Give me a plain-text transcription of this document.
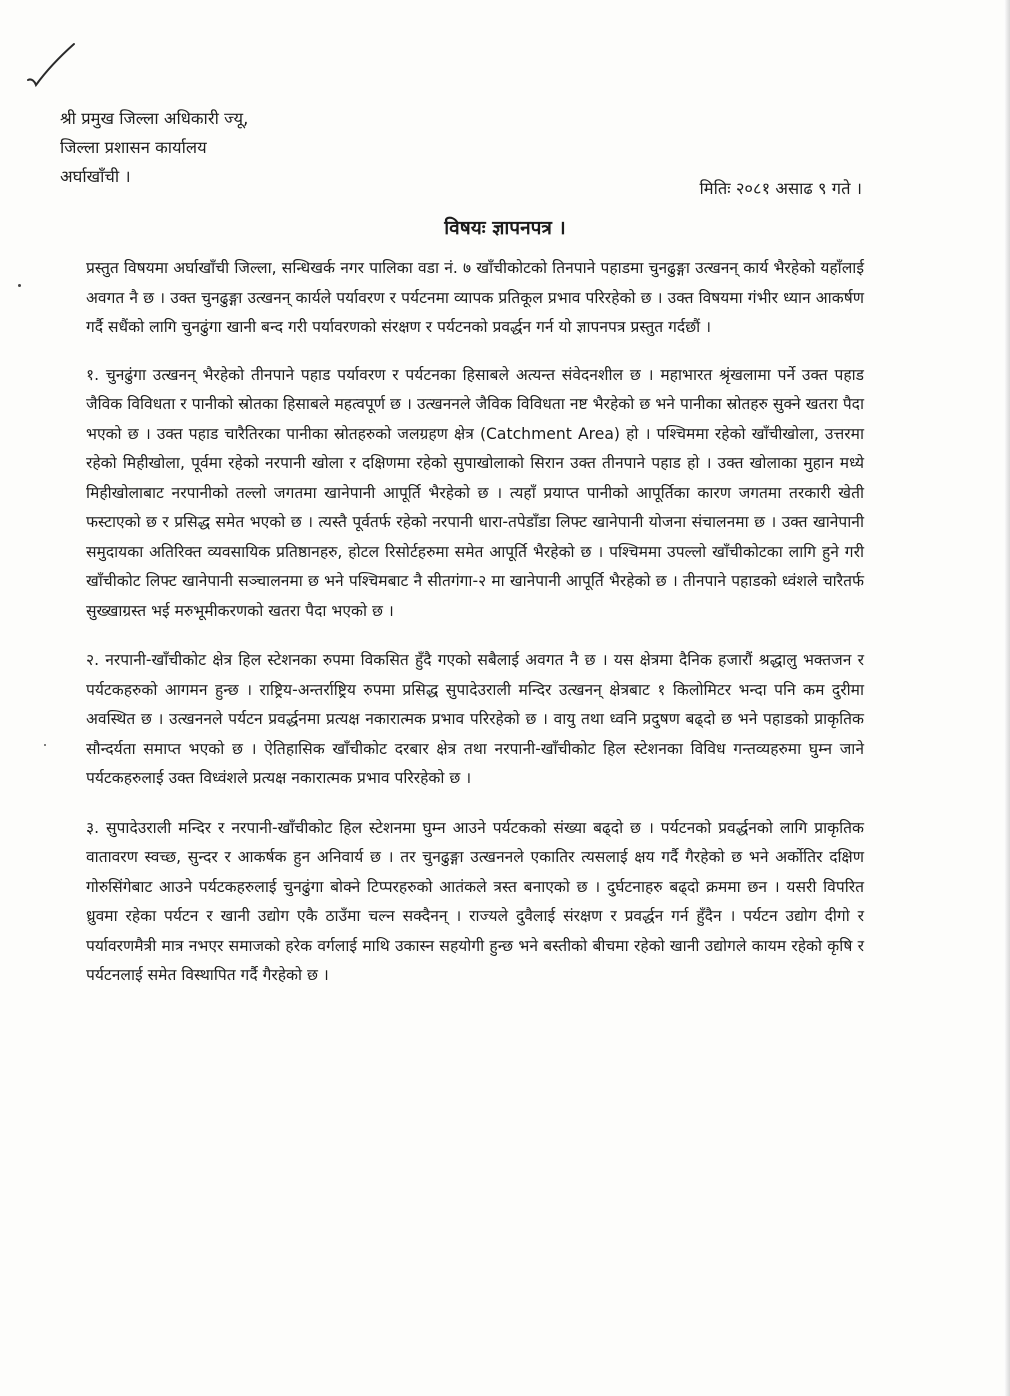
श्री प्रमुख जिल्ला अधिकारी ज्यू,
जिल्ला प्रशासन कार्यालय
अर्घाखाँची ।
मितिः २०८१ असाढ ९ गते ।
विषयः ज्ञापनपत्र ।

प्रस्तुत विषयमा अर्घाखाँची जिल्ला, सन्धिखर्क नगर पालिका वडा नं. ७ खाँचीकोटको तिनपाने पहाडमा चुनढुङ्गा उत्खनन् कार्य भैरहेको यहाँलाई अवगत नै छ । उक्त चुनढुङ्गा उत्खनन् कार्यले पर्यावरण र पर्यटनमा व्यापक प्रतिकूल प्रभाव परिरहेको छ । उक्त विषयमा गंभीर ध्यान आकर्षण गर्दै सधैंको लागि चुनढुंगा खानी बन्द गरी पर्यावरणको संरक्षण र पर्यटनको प्रवर्द्धन गर्न यो ज्ञापनपत्र प्रस्तुत गर्दछौं ।

१. चुनढुंगा उत्खनन् भैरहेको तीनपाने पहाड पर्यावरण र पर्यटनका हिसाबले अत्यन्त संवेदनशील छ । महाभारत श्रृंखलामा पर्ने उक्त पहाड जैविक विविधता र पानीको स्रोतका हिसाबले महत्वपूर्ण छ । उत्खननले जैविक विविधता नष्ट भैरहेको छ भने पानीका स्रोतहरु सुक्ने खतरा पैदा भएको छ । उक्त पहाड चारैतिरका पानीका स्रोतहरुको जलग्रहण क्षेत्र (Catchment Area) हो । पश्चिममा रहेको खाँचीखोला, उत्तरमा रहेको मिहीखोला, पूर्वमा रहेको नरपानी खोला र दक्षिणमा रहेको सुपाखोलाको सिरान उक्त तीनपाने पहाड हो । उक्त खोलाका मुहान मध्ये मिहीखोलाबाट नरपानीको तल्लो जगतमा खानेपानी आपूर्ति भैरहेको छ । त्यहाँ प्रयाप्त पानीको आपूर्तिका कारण जगतमा तरकारी खेती फस्टाएको छ र प्रसिद्ध समेत भएको छ । त्यस्तै पूर्वतर्फ रहेको नरपानी धारा-तपेडाँडा लिफ्ट खानेपानी योजना संचालनमा छ । उक्त खानेपानी समुदायका अतिरिक्त व्यवसायिक प्रतिष्ठानहरु, होटल रिसोर्टहरुमा समेत आपूर्ति भैरहेको छ । पश्चिममा उपल्लो खाँचीकोटका लागि हुने गरी खाँचीकोट लिफ्ट खानेपानी सञ्चालनमा छ भने पश्चिमबाट नै सीतगंगा-२ मा खानेपानी आपूर्ति भैरहेको छ । तीनपाने पहाडको ध्वंशले चारैतर्फ सुख्खाग्रस्त भई मरुभूमीकरणको खतरा पैदा भएको छ ।

२. नरपानी-खाँचीकोट क्षेत्र हिल स्टेशनका रुपमा विकसित हुँदै गएको सबैलाई अवगत नै छ । यस क्षेत्रमा दैनिक हजारौं श्रद्धालु भक्तजन र पर्यटकहरुको आगमन हुन्छ । राष्ट्रिय-अन्तर्राष्ट्रिय रुपमा प्रसिद्ध सुपादेउराली मन्दिर उत्खनन् क्षेत्रबाट १ किलोमिटर भन्दा पनि कम दुरीमा अवस्थित छ । उत्खननले पर्यटन प्रवर्द्धनमा प्रत्यक्ष नकारात्मक प्रभाव परिरहेको छ । वायु तथा ध्वनि प्रदुषण बढ्दो छ भने पहाडको प्राकृतिक सौन्दर्यता समाप्त भएको छ । ऐतिहासिक खाँचीकोट दरबार क्षेत्र तथा नरपानी-खाँचीकोट हिल स्टेशनका विविध गन्तव्यहरुमा घुम्न जाने पर्यटकहरुलाई उक्त विध्वंशले प्रत्यक्ष नकारात्मक प्रभाव परिरहेको छ ।

३. सुपादेउराली मन्दिर र नरपानी-खाँचीकोट हिल स्टेशनमा घुम्न आउने पर्यटकको संख्या बढ्दो छ । पर्यटनको प्रवर्द्धनको लागि प्राकृतिक वातावरण स्वच्छ, सुन्दर र आकर्षक हुन अनिवार्य छ । तर चुनढुङ्गा उत्खननले एकातिर त्यसलाई क्षय गर्दै गैरहेको छ भने अर्कोतिर दक्षिण गोरुसिंगेबाट आउने पर्यटकहरुलाई चुनढुंगा बोक्ने टिप्परहरुको आतंकले त्रस्त बनाएको छ । दुर्घटनाहरु बढ्दो क्रममा छन । यसरी विपरित ध्रुवमा रहेका पर्यटन र खानी उद्योग एकै ठाउँमा चल्न सक्दैनन् । राज्यले दुवैलाई संरक्षण र प्रवर्द्धन गर्न हुँदैन । पर्यटन उद्योग दीगो र पर्यावरणमैत्री मात्र नभएर समाजको हरेक वर्गलाई माथि उकास्न सहयोगी हुन्छ भने बस्तीको बीचमा रहेको खानी उद्योगले कायम रहेको कृषि र पर्यटनलाई समेत विस्थापित गर्दै गैरहेको छ ।
